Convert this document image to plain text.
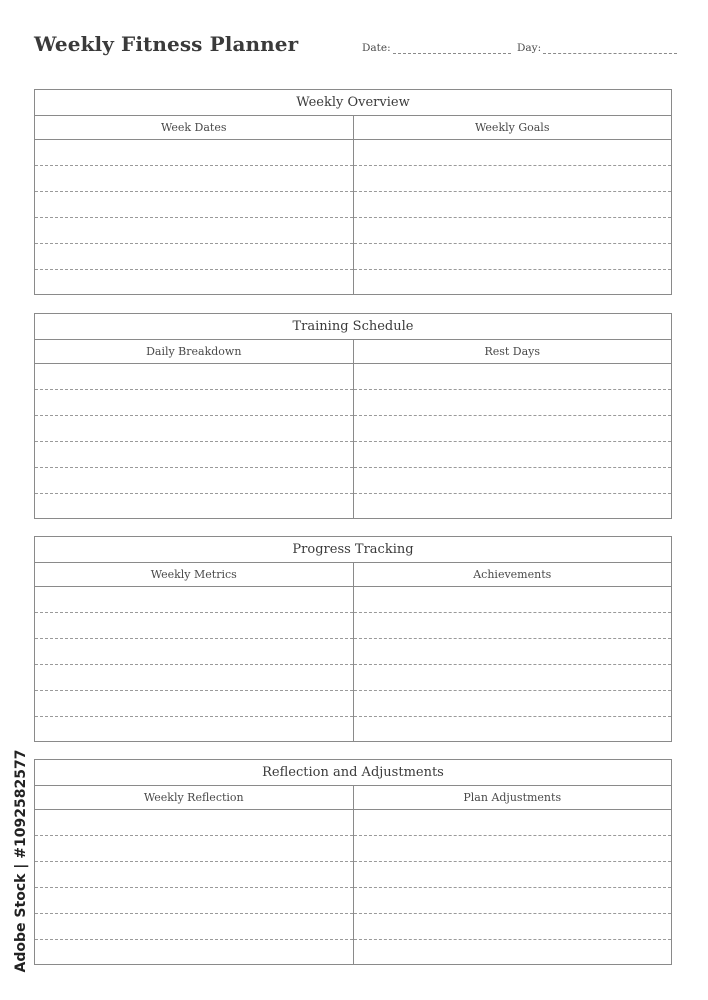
Weekly Fitness Planner	Date:	Day:
Weekly Overview
Week Dates	Weekly Goals
Training Schedule
Daily Breakdown	Rest Days
Progress Tracking
Weekly Metrics	Achievements
Reflection and Adjustments
Weekly Reflection	Plan Adjustments
Adobe Stock | #1092582577
